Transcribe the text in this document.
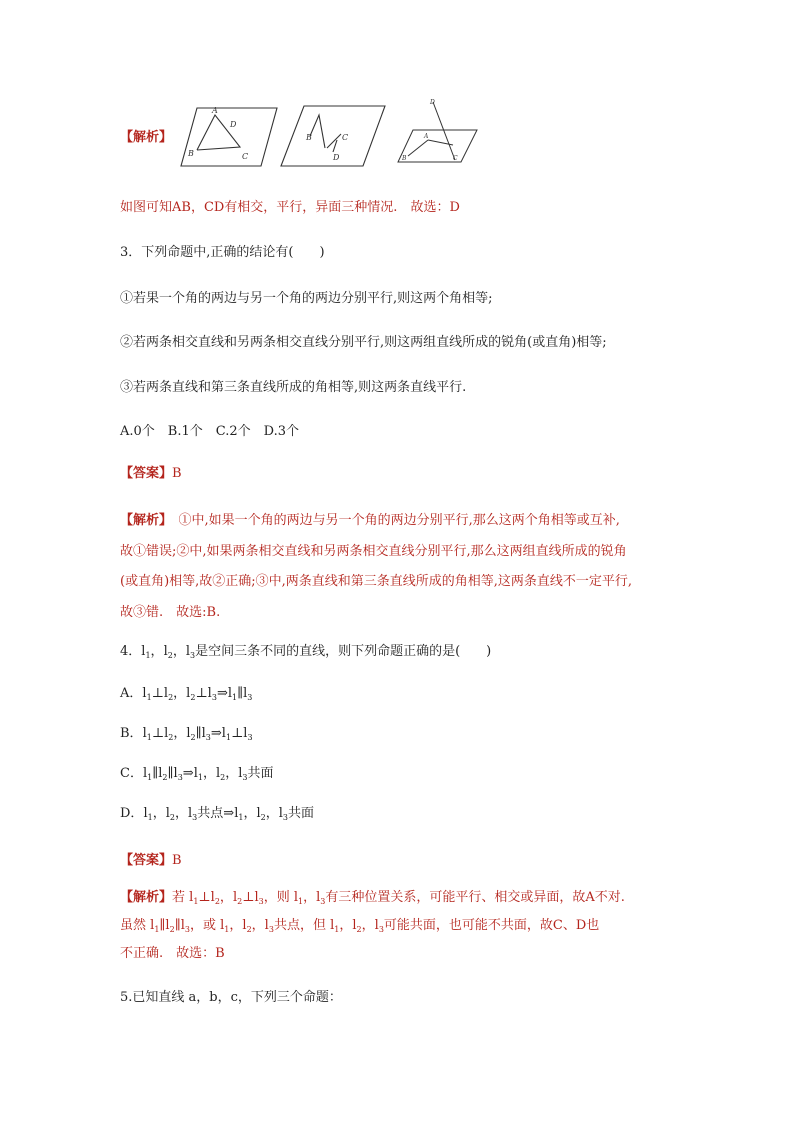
A
B	C
D
B	C
D
D
A
B	C
【解析】
如图可知AB，CD有相交，平行，异面三种情况.　故选：D
3．下列命题中,正确的结论有(　　)
①若果一个角的两边与另一个角的两边分别平行,则这两个角相等;
②若两条相交直线和另两条相交直线分别平行,则这两组直线所成的锐角(或直角)相等;
③若两条直线和第三条直线所成的角相等,则这两条直线平行.
A.0个　B.1个　C.2个　D.3个
【答案】B
【解析】　①中,如果一个角的两边与另一个角的两边分别平行,那么这两个角相等或互补,
故①错误;②中,如果两条相交直线和另两条相交直线分别平行,那么这两组直线所成的锐角
(或直角)相等,故②正确;③中,两条直线和第三条直线所成的角相等,这两条直线不一定平行,
故③错.　故选:B.
4．$l_1$，$l_2$，$l_3$是空间三条不同的直线，则下列命题正确的是(　　)
A．$l_1\perp l_2$，$l_2\perp l_3\Rightarrow l_1\parallel l_3$
B．$l_1\perp l_2$，$l_2\parallel l_3\Rightarrow l_1\perp l_3$
C．$l_1\parallel l_2\parallel l_3\Rightarrow l_1$，$l_2$，$l_3$共面
D．$l_1$，$l_2$，$l_3$共点$\Rightarrow l_1$，$l_2$，$l_3$共面
【答案】B
【解析】若 $l_1\perp l_2$，$l_2\perp l_3$，则 $l_1$，$l_3$有三种位置关系，可能平行、相交或异面，故A不对.
虽然 $l_1\parallel l_2\parallel l_3$，或 $l_1$，$l_2$，$l_3$共点，但 $l_1$，$l_2$，$l_3$可能共面，也可能不共面，故C、D也
不正确.　故选：B
5.已知直线 a，b，c，下列三个命题：
